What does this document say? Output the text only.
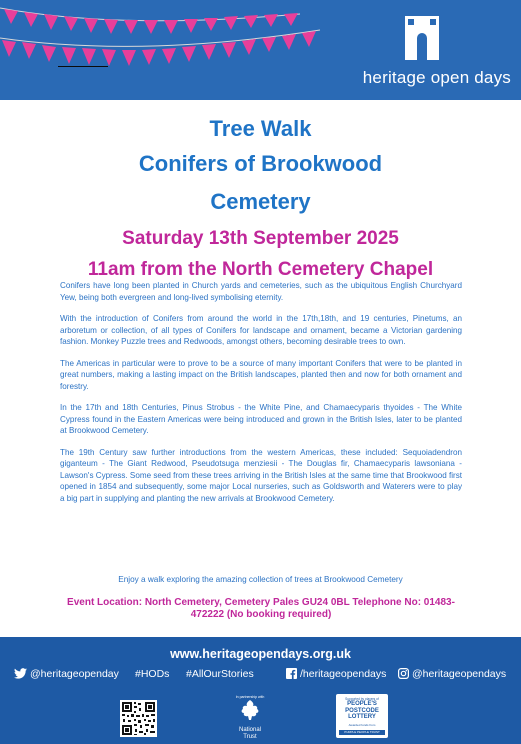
heritage open days
Tree Walk
Conifers of Brookwood
Cemetery
Saturday 13th September 2025
11am from the North Cemetery Chapel

Conifers have long been planted in Church yards and cemeteries, such as the ubiquitous English Churchyard Yew, being both evergreen and long-lived symbolising eternity.

With the introduction of Conifers from around the world in the 17th,18th, and 19 centuries, Pinetums, an arboretum or collection, of all types of Conifers for landscape and ornament, became a Victorian gardening fashion. Monkey Puzzle trees and Redwoods, amongst others, becoming desirable trees to own.

The Americas in particular were to prove to be a source of many important Conifers that were to be planted in great numbers, making a lasting impact on the British landscapes, planted then and now for both ornament and forestry.

In the 17th and 18th Centuries, Pinus Strobus - the White Pine, and Chamaecyparis thyoides - The White Cypress found in the Eastern Americas were being introduced and grown in the British Isles, later to be planted at Brookwood Cemetery.

The 19th Century saw further introductions from the western Americas, these included: Sequoiadendron giganteum - The Giant Redwood, Pseudotsuga menziesii - The Douglas fir, Chamaecyparis lawsoniana - Lawson's Cypress. Some seed from these trees arriving in the British Isles at the same time that Brookwood first opened in 1854 and subsequently, some major Local nurseries, such as Goldsworth and Waterers were to play a big part in supplying and planting the new arrivals at Brookwood Cemetery.

Enjoy a walk exploring the amazing collection of trees at Brookwood Cemetery
Event Location: North Cemetery, Cemetery Pales GU24 0BL Telephone No: 01483-472222 (No booking required)
www.heritageopendays.org.uk
@heritageopenday #HODs #AllOurStories	/heritageopendays	@heritageopendays
In partnership with
National
Trust
Supported by players of
PEOPLE'S
POSTCODE
LOTTERY
Awarded funds from
PURPLE PEOPLE TRUST
